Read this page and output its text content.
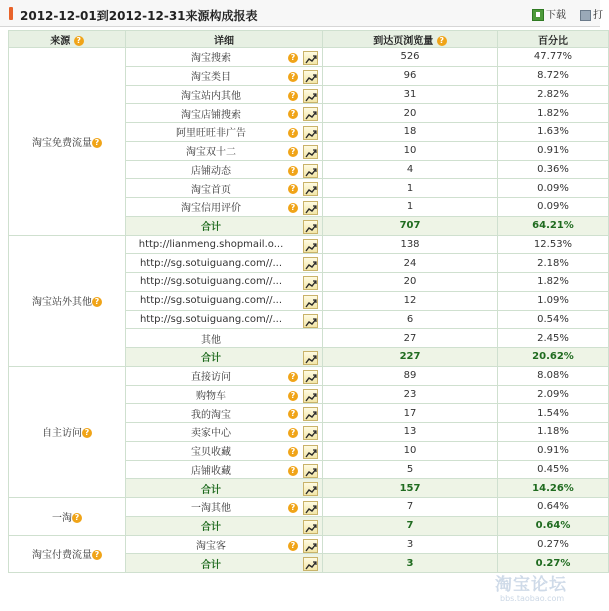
2012-12-01到2012-12-31来源构成报表	下载	打
来源 ?	详细	到达页浏览量 ?	百分比
淘宝免费流量 ?	淘宝搜索 ?	526	47.77%

	淘宝类目 ?	96	8.72%

	淘宝站内其他 ?	31	2.82%

	淘宝店铺搜索 ?	20	1.82%

	阿里旺旺非广告 ?	18	1.63%

	淘宝双十二 ?	10	0.91%

	店铺动态 ?	4	0.36%

	淘宝首页 ?	1	0.09%

	淘宝信用评价 ?	1	0.09%

	合计	707	64.21%
淘宝站外其他 ?	http://lianmeng.shopmail.o...	138	12.53%

	http://sg.sotuiguang.com//...	24	2.18%

	http://sg.sotuiguang.com//...	20	1.82%

	http://sg.sotuiguang.com//...	12	1.09%

	http://sg.sotuiguang.com//...	6	0.54%

	其他	27	2.45%

	合计	227	20.62%
自主访问 ?	直接访问 ?	89	8.08%

	购物车 ?	23	2.09%

	我的淘宝 ?	17	1.54%

	卖家中心 ?	13	1.18%

	宝贝收藏 ?	10	0.91%

	店铺收藏 ?	5	0.45%

	合计	157	14.26%
一淘 ?	一淘其他 ?	7	0.64%

	合计	7	0.64%
淘宝付费流量 ?	淘宝客 ?	3	0.27%

	合计	3	0.27%
淘宝论坛
bbs.taobao.com
